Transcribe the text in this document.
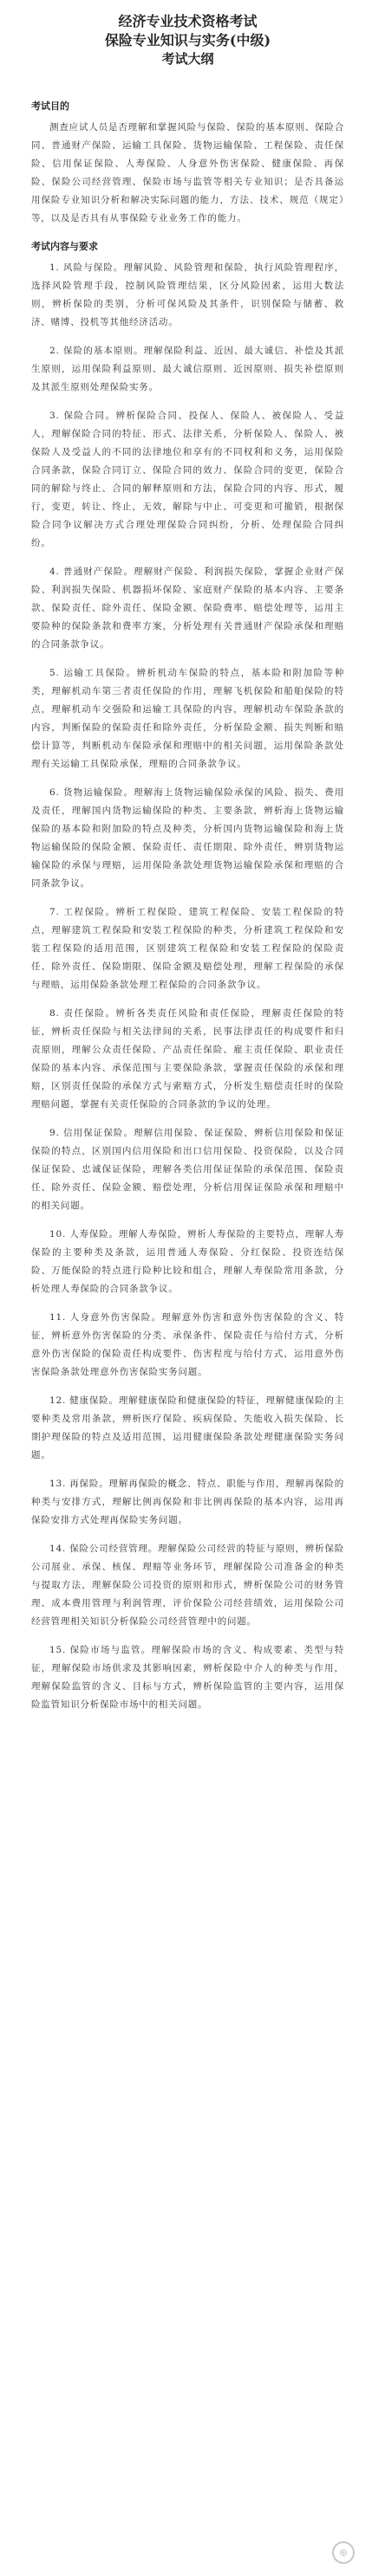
经济专业技术资格考试
保险专业知识与实务(中级)
考试大纲
考试目的

测查应试人员是否理解和掌握风险与保险、保险的基本原则、保险合同、普通财产保险、运输工具保险、货物运输保险、工程保险、责任保险、信用保证保险、人寿保险、人身意外伤害保险、健康保险、再保险、保险公司经营管理、保险市场与监管等相关专业知识；是否具备运用保险专业知识分析和解决实际问题的能力，方法、技术、规范（规定）等，以及是否具有从事保险专业业务工作的能力。

考试内容与要求

1. 风险与保险。理解风险、风险管理和保险，执行风险管理程序，选择风险管理手段，控制风险管理结果，区分风险因素，运用大数法则，辨析保险的类别，分析可保风险及其条件，识别保险与储蓄、救济、赌博、投机等其他经济活动。

2. 保险的基本原则。理解保险利益、近因、最大诚信、补偿及其派生原则，运用保险利益原则、最大诚信原则、近因原则、损失补偿原则及其派生原则处理保险实务。

3. 保险合同。辨析保险合同、投保人、保险人、被保险人、受益人，理解保险合同的特征、形式、法律关系，分析保险人、保险人、被保险人及受益人的不同的法律地位和享有的不同权利和义务，运用保险合同条款，保险合同订立、保险合同的效力、保险合同的变更，保险合同的解除与终止、合同的解释原则和方法，保险合同的内容、形式，履行，变更，转让、终止，无效，解除与中止、可变更和可撤销，根据保险合同争议解决方式合理处理保险合同纠纷，分析、处理保险合同纠纷。

4. 普通财产保险。理解财产保险、利润损失保险，掌握企业财产保险、利润损失保险、机器损坏保险、家庭财产保险的基本内容、主要条款、保险责任、除外责任、保险金额、保险费率、赔偿处理等，运用主要险种的保险条款和费率方案，分析处理有关普通财产保险承保和理赔的合同条款争议。

5. 运输工具保险。辨析机动车保险的特点，基本险和附加险等种类，理解机动车第三者责任保险的作用，理解飞机保险和船舶保险的特点，理解机动车交强险和运输工具保险的内容，理解机动车保险条款的内容，判断保险的保险责任和除外责任，分析保险金额、损失判断和赔偿计算等，判断机动车保险承保和理赔中的相关问题，运用保险条款处理有关运输工具保险承保，理赔的合同条款争议。

6. 货物运输保险。理解海上货物运输保险承保的风险、损失、费用及责任，理解国内货物运输保险的种类、主要条款，辨析海上货物运输保险的基本险和附加险的特点及种类，分析国内货物运输保险和海上货物运输保险的保险金额、保险责任、责任期限、除外责任，辨别货物运输保险的承保与理赔，运用保险条款处理货物运输保险承保和理赔的合同条款争议。

7. 工程保险。辨析工程保险、建筑工程保险、安装工程保险的特点，理解建筑工程保险和安装工程保险的种类，分析建筑工程保险和安装工程保险的适用范围，区别建筑工程保险和安装工程保险的保险责任、除外责任、保险期限、保险金额及赔偿处理，理解工程保险的承保与理赔，运用保险条款处理工程保险的合同条款争议。

8. 责任保险。辨析各类责任风险和责任保险，理解责任保险的特征，辨析责任保险与相关法律间的关系，民事法律责任的构成要件和归责原则，理解公众责任保险、产品责任保险、雇主责任保险、职业责任保险的基本内容、承保范围与主要保险条款，掌握责任保险的承保和理赔，区别责任保险的承保方式与索赔方式，分析发生赔偿责任时的保险理赔问题，掌握有关责任保险的合同条款的争议的处理。

9. 信用保证保险。理解信用保险、保证保险，辨析信用保险和保证保险的特点，区别国内信用保险和出口信用保险、投资保险，以及合同保证保险、忠诚保证保险，理解各类信用保证保险的承保范围、保险责任、除外责任、保险金额、赔偿处理，分析信用保证保险承保和理赔中的相关问题。

10. 人寿保险。理解人寿保险，辨析人寿保险的主要特点，理解人寿保险的主要种类及条款，运用普通人寿保险、分红保险、投资连结保险、万能保险的特点进行险种比较和组合，理解人寿保险常用条款，分析处理人寿保险的合同条款争议。

11. 人身意外伤害保险。理解意外伤害和意外伤害保险的含义、特征，辨析意外伤害保险的分类、承保条件、保险责任与给付方式，分析意外伤害保险的保险责任构成要件、伤害程度与给付方式，运用意外伤害保险条款处理意外伤害保险实务问题。

12. 健康保险。理解健康保险和健康保险的特征，理解健康保险的主要种类及常用条款，辨析医疗保险、疾病保险、失能收入损失保险、长期护理保险的特点及适用范围，运用健康保险条款处理健康保险实务问题。

13. 再保险。理解再保险的概念、特点、职能与作用，理解再保险的种类与安排方式，理解比例再保险和非比例再保险的基本内容，运用再保险安排方式处理再保险实务问题。

14. 保险公司经营管理。理解保险公司经营的特征与原则，辨析保险公司展业、承保、核保、理赔等业务环节，理解保险公司准备金的种类与提取方法，理解保险公司投资的原则和形式，辨析保险公司的财务管理、成本费用管理与利润管理，评价保险公司经营绩效，运用保险公司经营管理相关知识分析保险公司经营管理中的问题。

15. 保险市场与监管。理解保险市场的含义、构成要素、类型与特征，理解保险市场供求及其影响因素，辨析保险中介人的种类与作用，理解保险监管的含义、目标与方式，辨析保险监管的主要内容，运用保险监管知识分析保险市场中的相关问题。

⊕
